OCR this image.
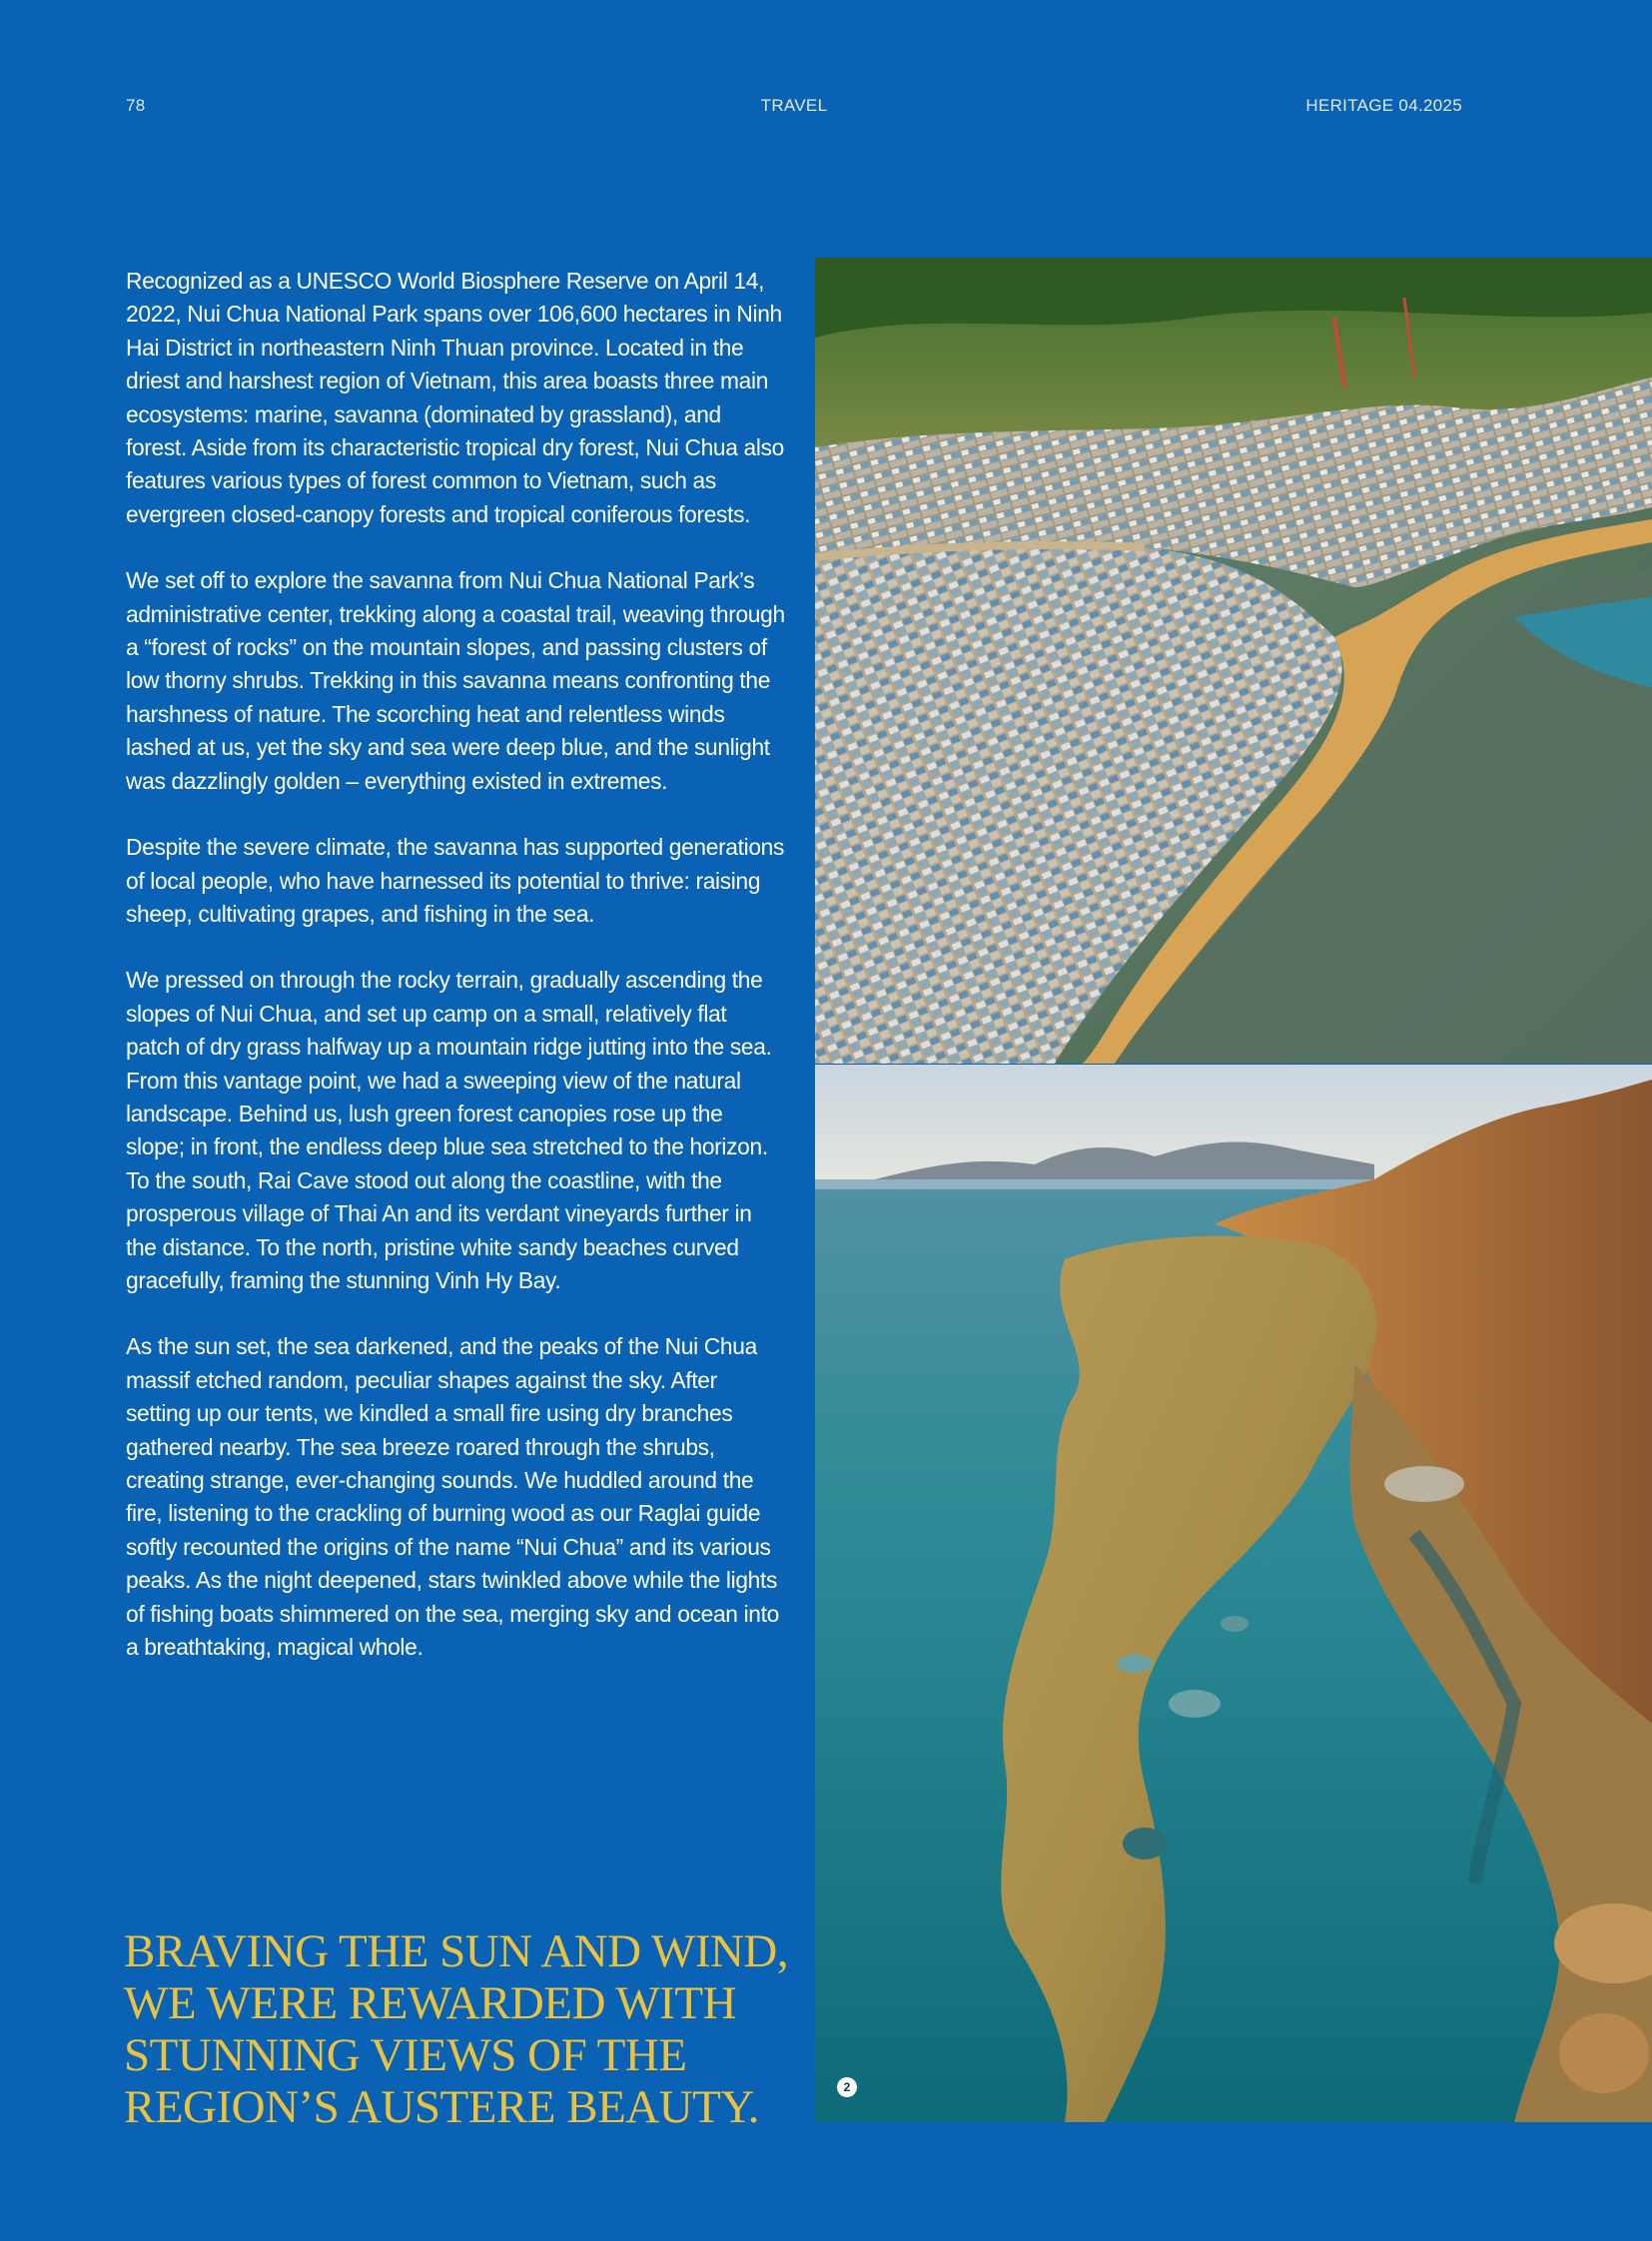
78	TRAVEL	HERITAGE 04.2025

Recognized as a UNESCO World Biosphere Reserve on April 14, 2022, Nui Chua National Park spans over 106,600 hectares in Ninh Hai District in northeastern Ninh Thuan province. Located in the driest and harshest region of Vietnam, this area boasts three main ecosystems: marine, savanna (dominated by grassland), and forest. Aside from its characteristic tropical dry forest, Nui Chua also features various types of forest common to Vietnam, such as evergreen closed-canopy forests and tropical coniferous forests.

We set off to explore the savanna from Nui Chua National Park’s administrative center, trekking along a coastal trail, weaving through a “forest of rocks” on the mountain slopes, and passing clusters of low thorny shrubs. Trekking in this savanna means confronting the harshness of nature. The scorching heat and relentless winds lashed at us, yet the sky and sea were deep blue, and the sunlight was dazzlingly golden – everything existed in extremes.

Despite the severe climate, the savanna has supported generations of local people, who have harnessed its potential to thrive: raising sheep, cultivating grapes, and fishing in the sea.

We pressed on through the rocky terrain, gradually ascending the slopes of Nui Chua, and set up camp on a small, relatively flat patch of dry grass halfway up a mountain ridge jutting into the sea. From this vantage point, we had a sweeping view of the natural landscape. Behind us, lush green forest canopies rose up the slope; in front, the endless deep blue sea stretched to the horizon. To the south, Rai Cave stood out along the coastline, with the prosperous village of Thai An and its verdant vineyards further in the distance. To the north, pristine white sandy beaches curved gracefully, framing the stunning Vinh Hy Bay.

As the sun set, the sea darkened, and the peaks of the Nui Chua massif etched random, peculiar shapes against the sky. After setting up our tents, we kindled a small fire using dry branches gathered nearby. The sea breeze roared through the shrubs, creating strange, ever-changing sounds. We huddled around the fire, listening to the crackling of burning wood as our Raglai guide softly recounted the origins of the name “Nui Chua” and its various peaks. As the night deepened, stars twinkled above while the lights of fishing boats shimmered on the sea, merging sky and ocean into a breathtaking, magical whole.

BRAVING THE SUN AND WIND, WE WERE REWARDED WITH STUNNING VIEWS OF THE REGION’S AUSTERE BEAUTY.	2
